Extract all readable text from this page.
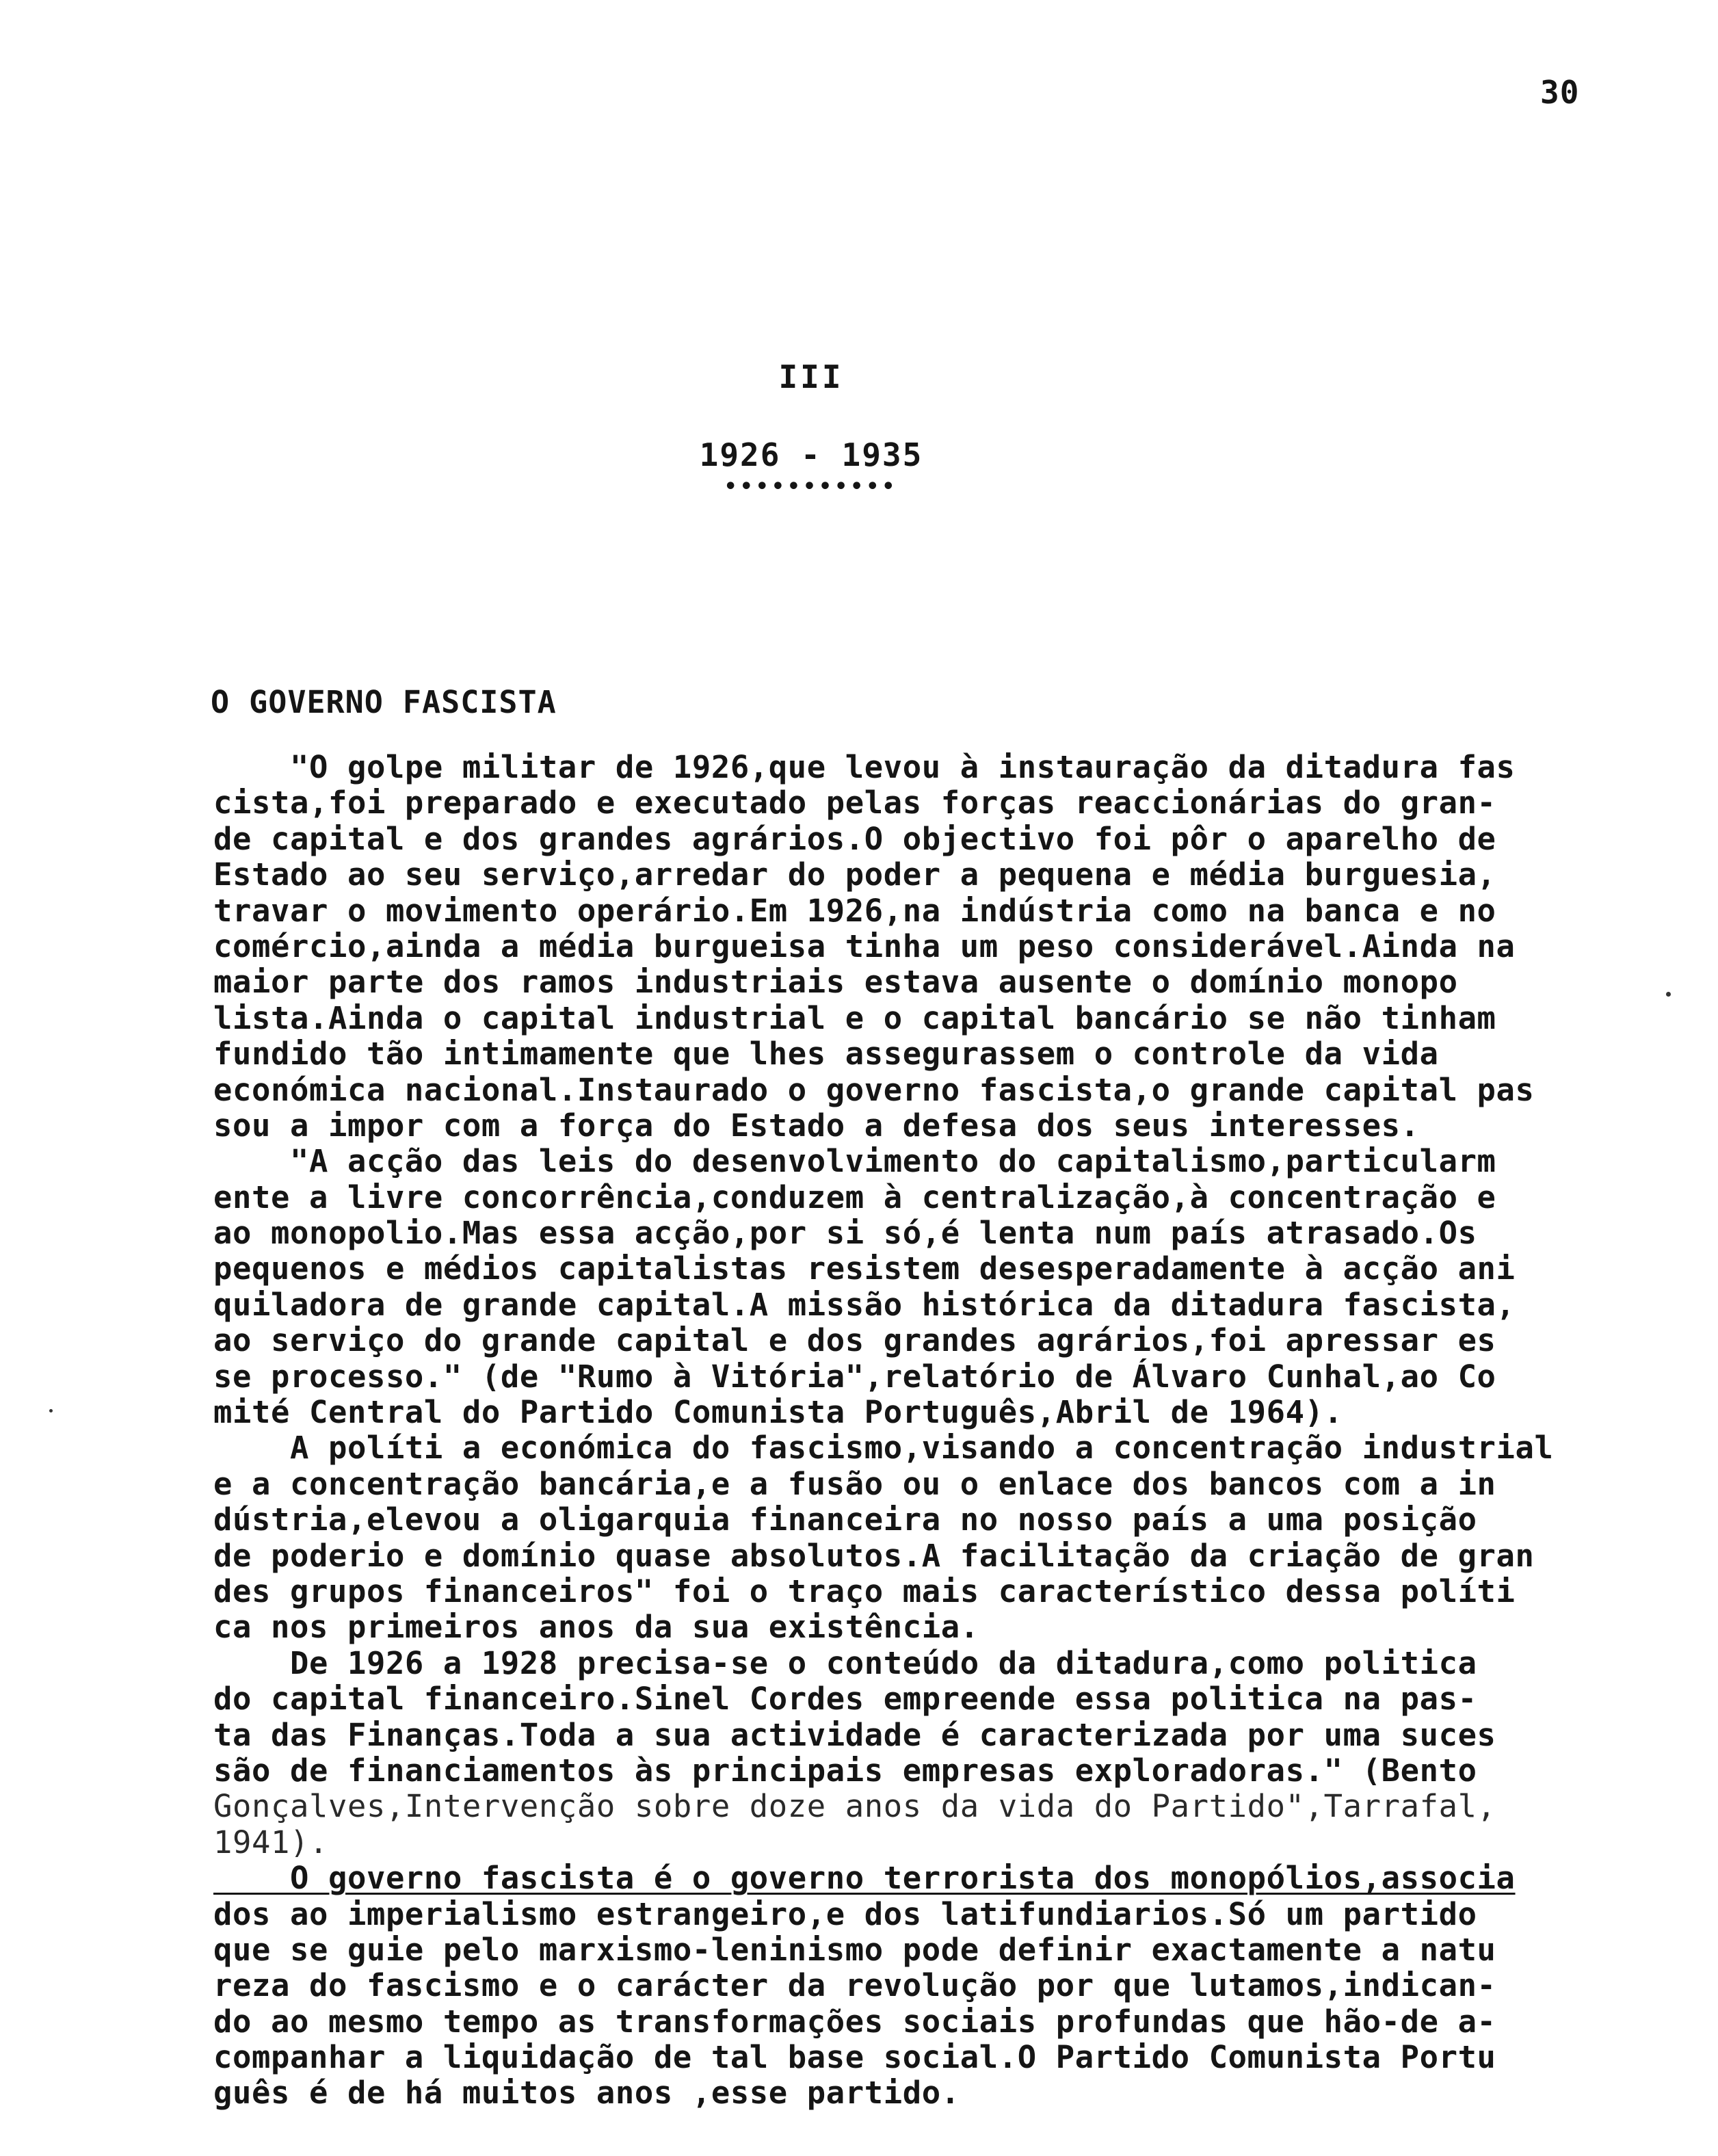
30
III
1926 - 1935
•••••••••••
O GOVERNO FASCISTA
"O golpe militar de 1926,que levou à instauração da ditadura fas
cista,foi preparado e executado pelas forças reaccionárias do gran-
de capital e dos grandes agrários.O objectivo foi pôr o aparelho de
Estado ao seu serviço,arredar do poder a pequena e média burguesia,
travar o movimento operário.Em 1926,na indústria como na banca e no
comércio,ainda a média burgueisa tinha um peso considerável.Ainda na
maior parte dos ramos industriais estava ausente o domínio monopo
lista.Ainda o capital industrial e o capital bancário se não tinham
fundido tão intimamente que lhes assegurassem o controle da vida
económica nacional.Instaurado o governo fascista,o grande capital pas
sou a impor com a força do Estado a defesa dos seus interesses.
"A acção das leis do desenvolvimento do capitalismo,particularm
ente a livre concorrência,conduzem à centralização,à concentração e
ao monopolio.Mas essa acção,por si só,é lenta num país atrasado.Os
pequenos e médios capitalistas resistem desesperadamente à acção ani
quiladora de grande capital.A missão histórica da ditadura fascista,
ao serviço do grande capital e dos grandes agrários,foi apressar es
se processo." (de "Rumo à Vitória",relatório de Álvaro Cunhal,ao Co
mité Central do Partido Comunista Português,Abril de 1964).
A políti a económica do fascismo,visando a concentração industrial
e a concentração bancária,e a fusão ou o enlace dos bancos com a in
dústria,elevou a oligarquia financeira no nosso país a uma posição
de poderio e domínio quase absolutos.A facilitação da criação de gran
des grupos financeiros" foi o traço mais característico dessa políti
ca nos primeiros anos da sua existência.
De 1926 a 1928 precisa-se o conteúdo da ditadura,como politica
do capital financeiro.Sinel Cordes empreende essa politica na pas-
ta das Finanças.Toda a sua actividade é caracterizada por uma suces
são de financiamentos às principais empresas exploradoras." (Bento
Gonçalves,Intervenção sobre doze anos da vida do Partido",Tarrafal,
1941).
O governo fascista é o governo terrorista dos monopólios,associa
dos ao imperialismo estrangeiro,e dos latifundiarios.Só um partido
que se guie pelo marxismo-leninismo pode definir exactamente a natu
reza do fascismo e o carácter da revolução por que lutamos,indican-
do ao mesmo tempo as transformações sociais profundas que hão-de a-
companhar a liquidação de tal base social.O Partido Comunista Portu
guês é de há muitos anos ,esse partido.
